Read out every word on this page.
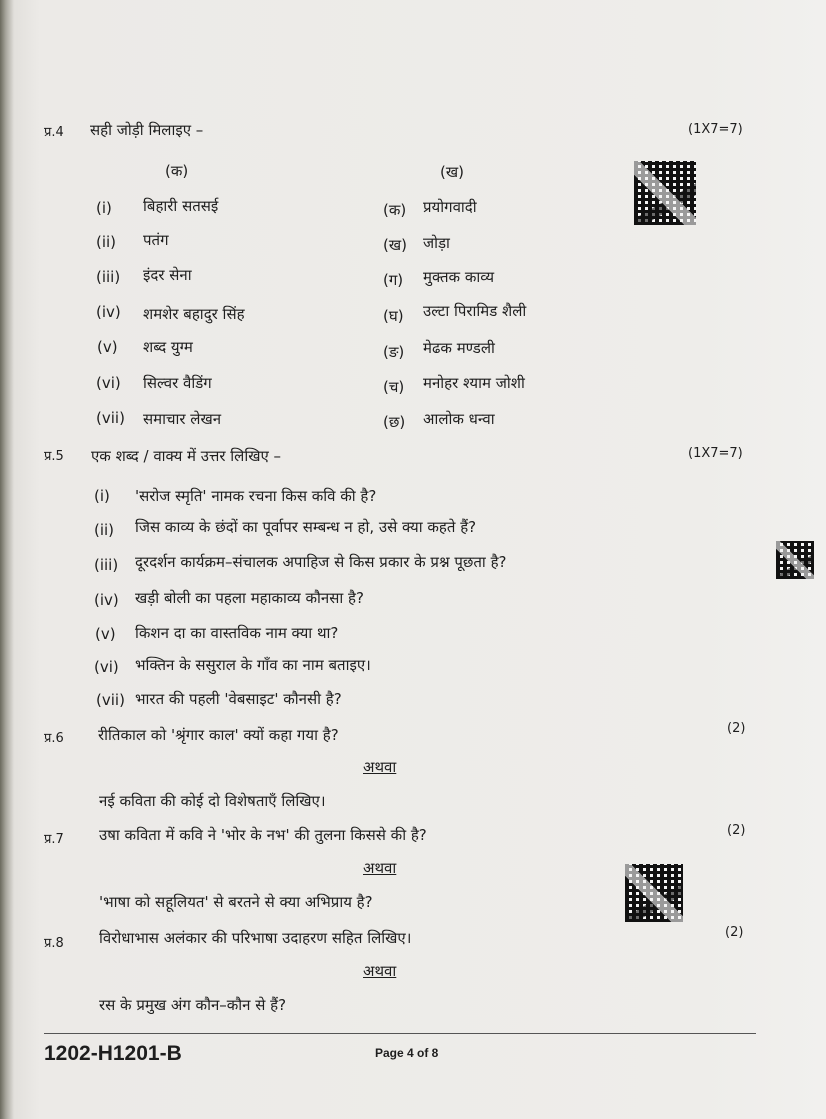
प्र.4 सही जोड़ी मिलाइए –	(1X7=7)
(क)	(ख)
(i) बिहारी सतसई	(क) प्रयोगवादी
(ii) पतंग	(ख) जोड़ा
(iii) इंदर सेना	(ग) मुक्तक काव्य
(iv) शमशेर बहादुर सिंह	(घ) उल्टा पिरामिड शैली
(v) शब्द युग्म	(ङ) मेढक मण्डली
(vi) सिल्वर वैडिंग	(च) मनोहर श्याम जोशी
(vii) समाचार लेखन	(छ) आलोक धन्वा
प्र.5 एक शब्द / वाक्य में उत्तर लिखिए –	(1X7=7)
(i) 'सरोज स्मृति' नामक रचना किस कवि की है?
(ii) जिस काव्य के छंदों का पूर्वापर सम्बन्ध न हो, उसे क्या कहते हैं?
(iii) दूरदर्शन कार्यक्रम–संचालक अपाहिज से किस प्रकार के प्रश्न पूछता है?
(iv) खड़ी बोली का पहला महाकाव्य कौनसा है?
(v) किशन दा का वास्तविक नाम क्या था?
(vi) भक्तिन के ससुराल के गाँव का नाम बताइए।
(vii) भारत की पहली 'वेबसाइट' कौनसी है?
प्र.6 रीतिकाल को 'श्रृंगार काल' क्यों कहा गया है?	(2)
अथवा
नई कविता की कोई दो विशेषताएँ लिखिए।
प्र.7 उषा कविता में कवि ने 'भोर के नभ' की तुलना किससे की है?	(2)
अथवा
'भाषा को सहूलियत' से बरतने से क्या अभिप्राय है?
प्र.8 विरोधाभास अलंकार की परिभाषा उदाहरण सहित लिखिए।	(2)
अथवा
रस के प्रमुख अंग कौन–कौन से हैं?
1202-H1201-B	Page 4 of 8
